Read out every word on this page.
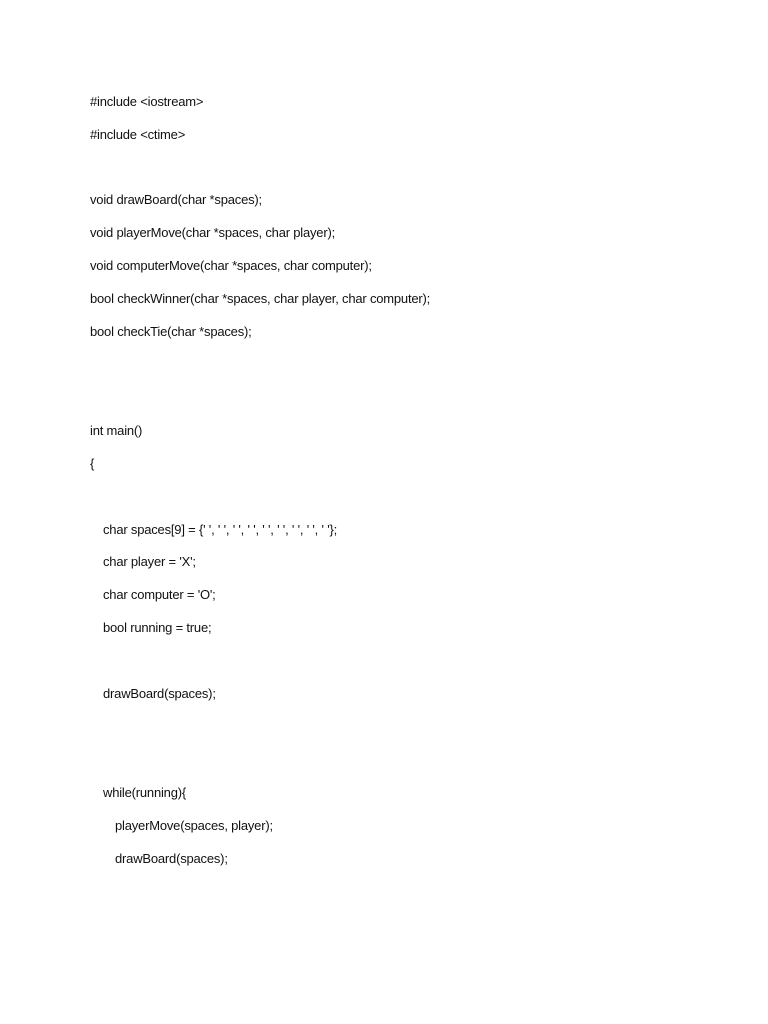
#include <iostream>

#include <ctime>

void drawBoard(char *spaces);

void playerMove(char *spaces, char player);

void computerMove(char *spaces, char computer);

bool checkWinner(char *spaces, char player, char computer);

bool checkTie(char *spaces);

int main()

{

char spaces[9] = {' ', ' ', ' ', ' ', ' ', ' ', ' ', ' ', ' '};

char player = 'X';

char computer = 'O';

bool running = true;

drawBoard(spaces);

while(running){

playerMove(spaces, player);

drawBoard(spaces);
